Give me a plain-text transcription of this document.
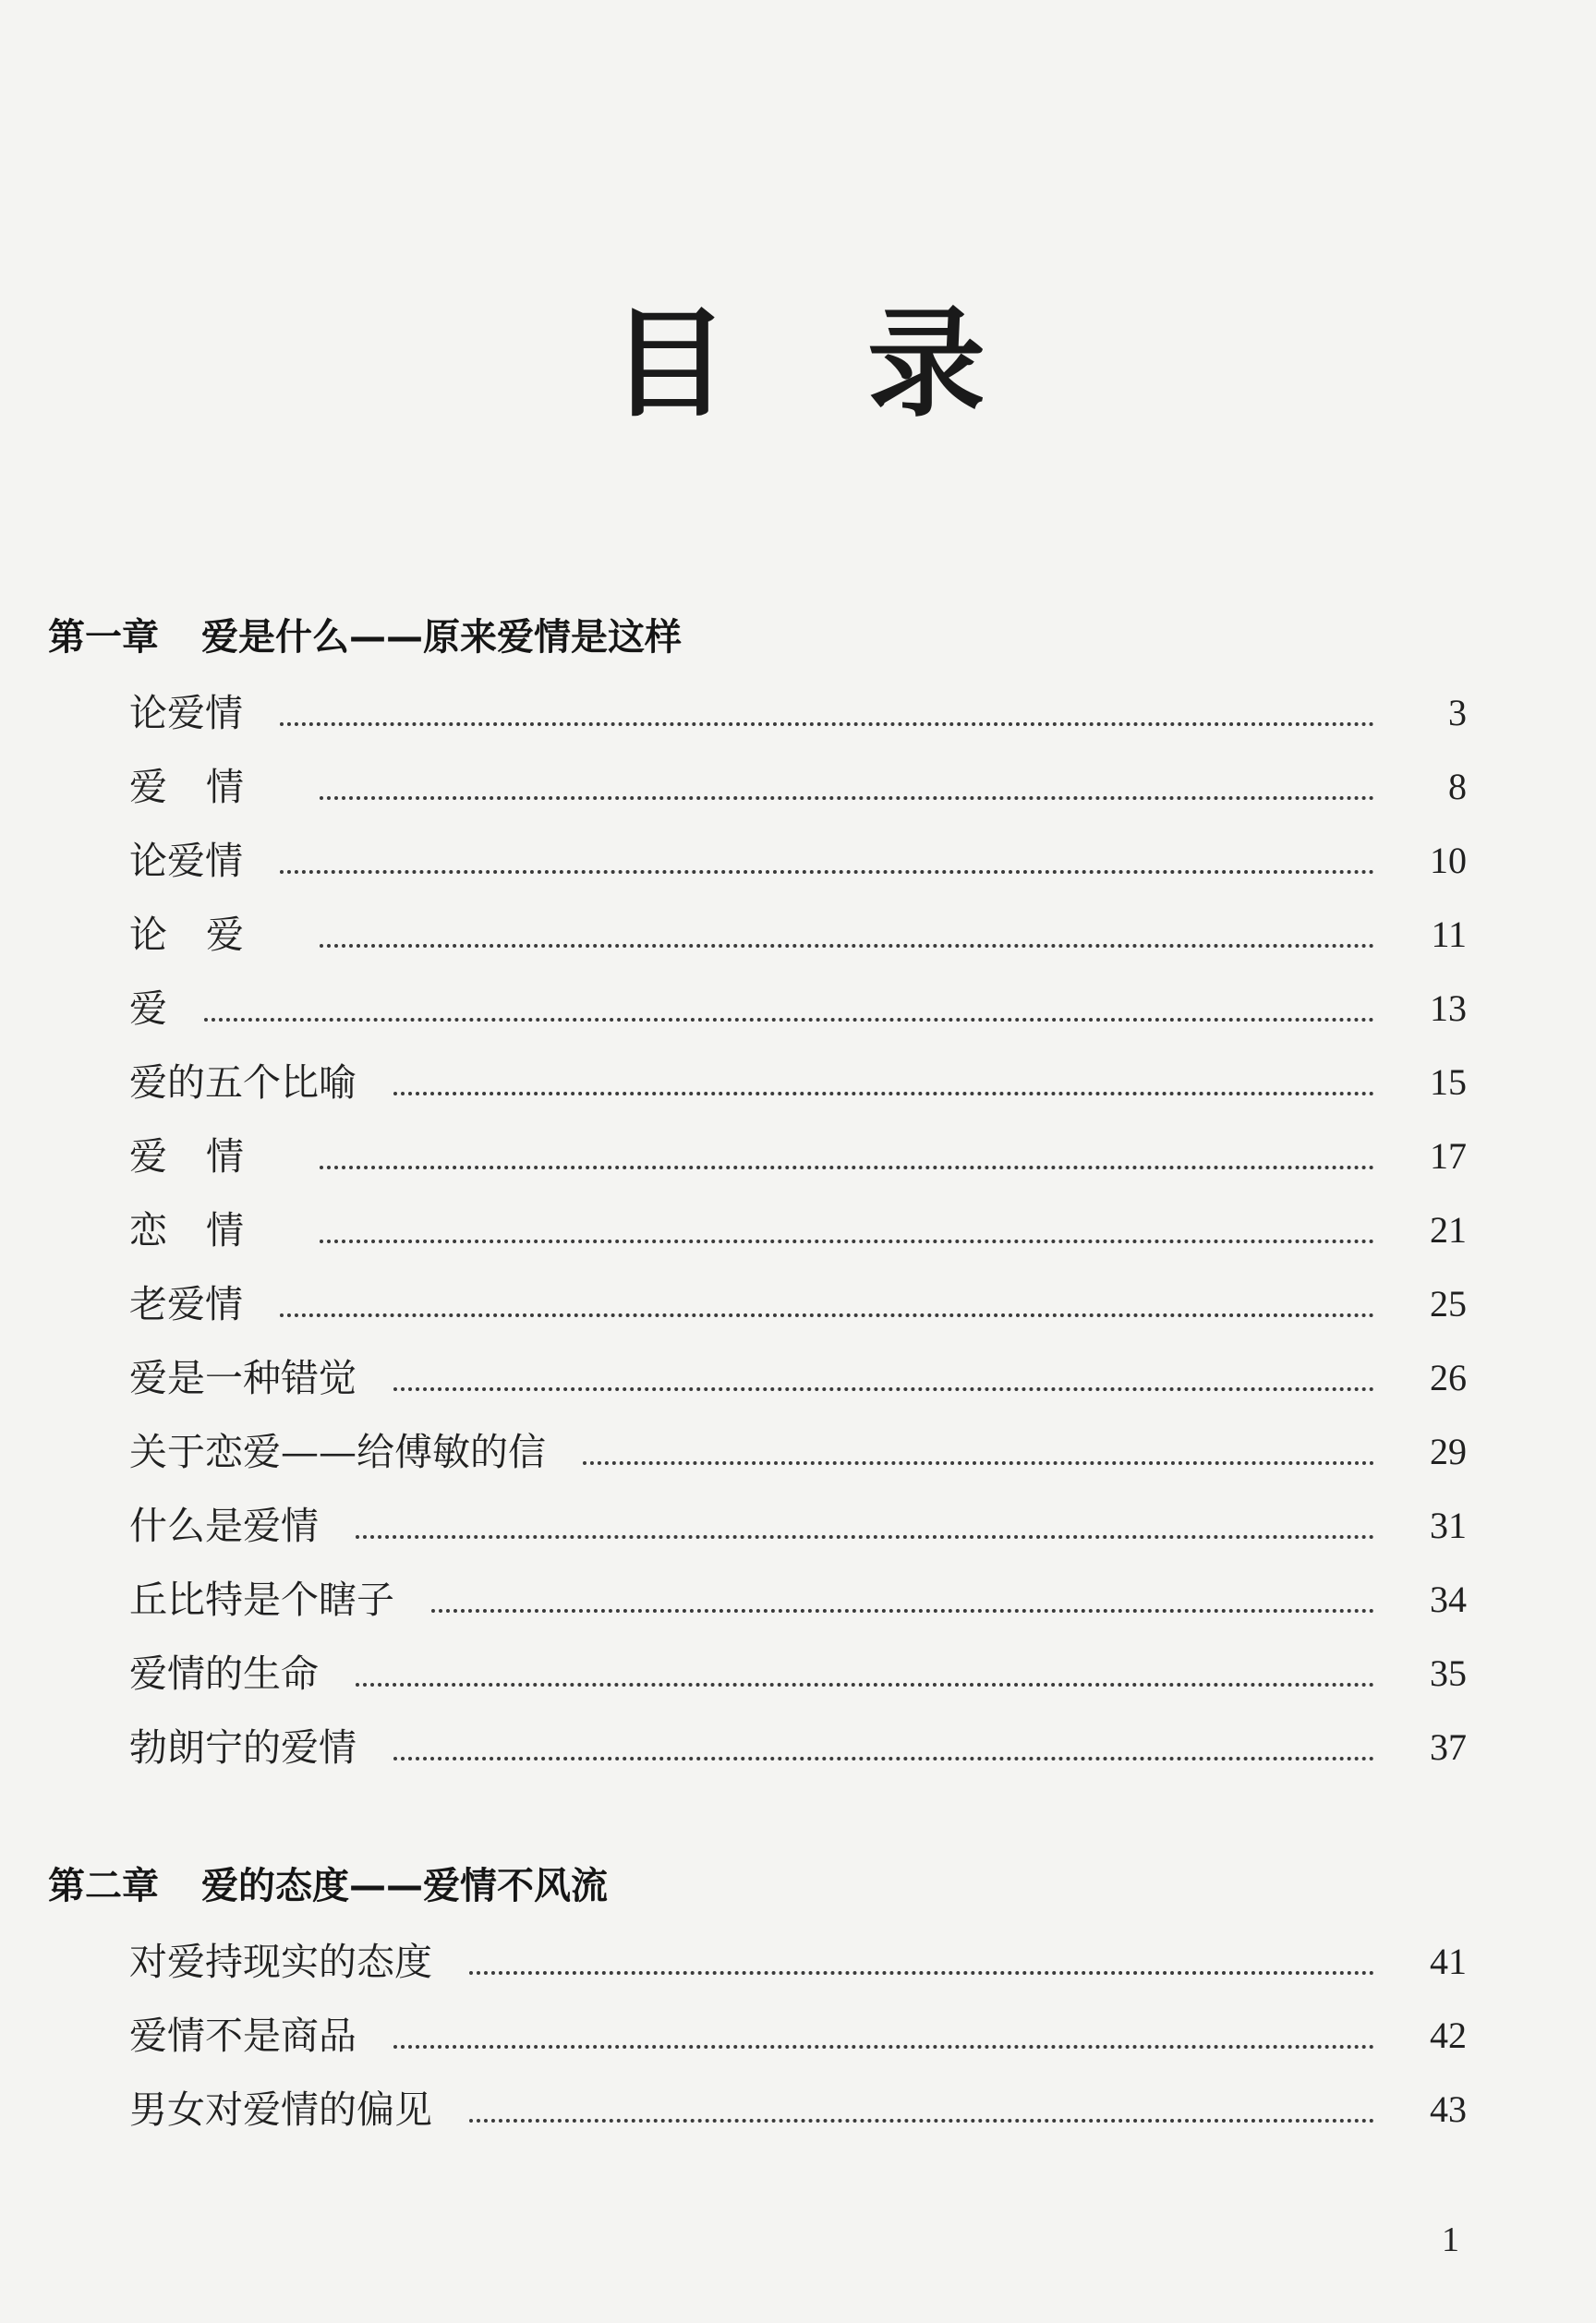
目录
第一章 爱是什么——原来爱情是这样
论爱情	3
爱情	8
论爱情	10
论爱	11
爱	13
爱的五个比喻	15
爱情	17
恋情	21
老爱情	25
爱是一种错觉	26
关于恋爱——给傅敏的信	29
什么是爱情	31
丘比特是个瞎子	34
爱情的生命	35
勃朗宁的爱情	37
第二章 爱的态度——爱情不风流
对爱持现实的态度	41
爱情不是商品	42
男女对爱情的偏见	43
1
